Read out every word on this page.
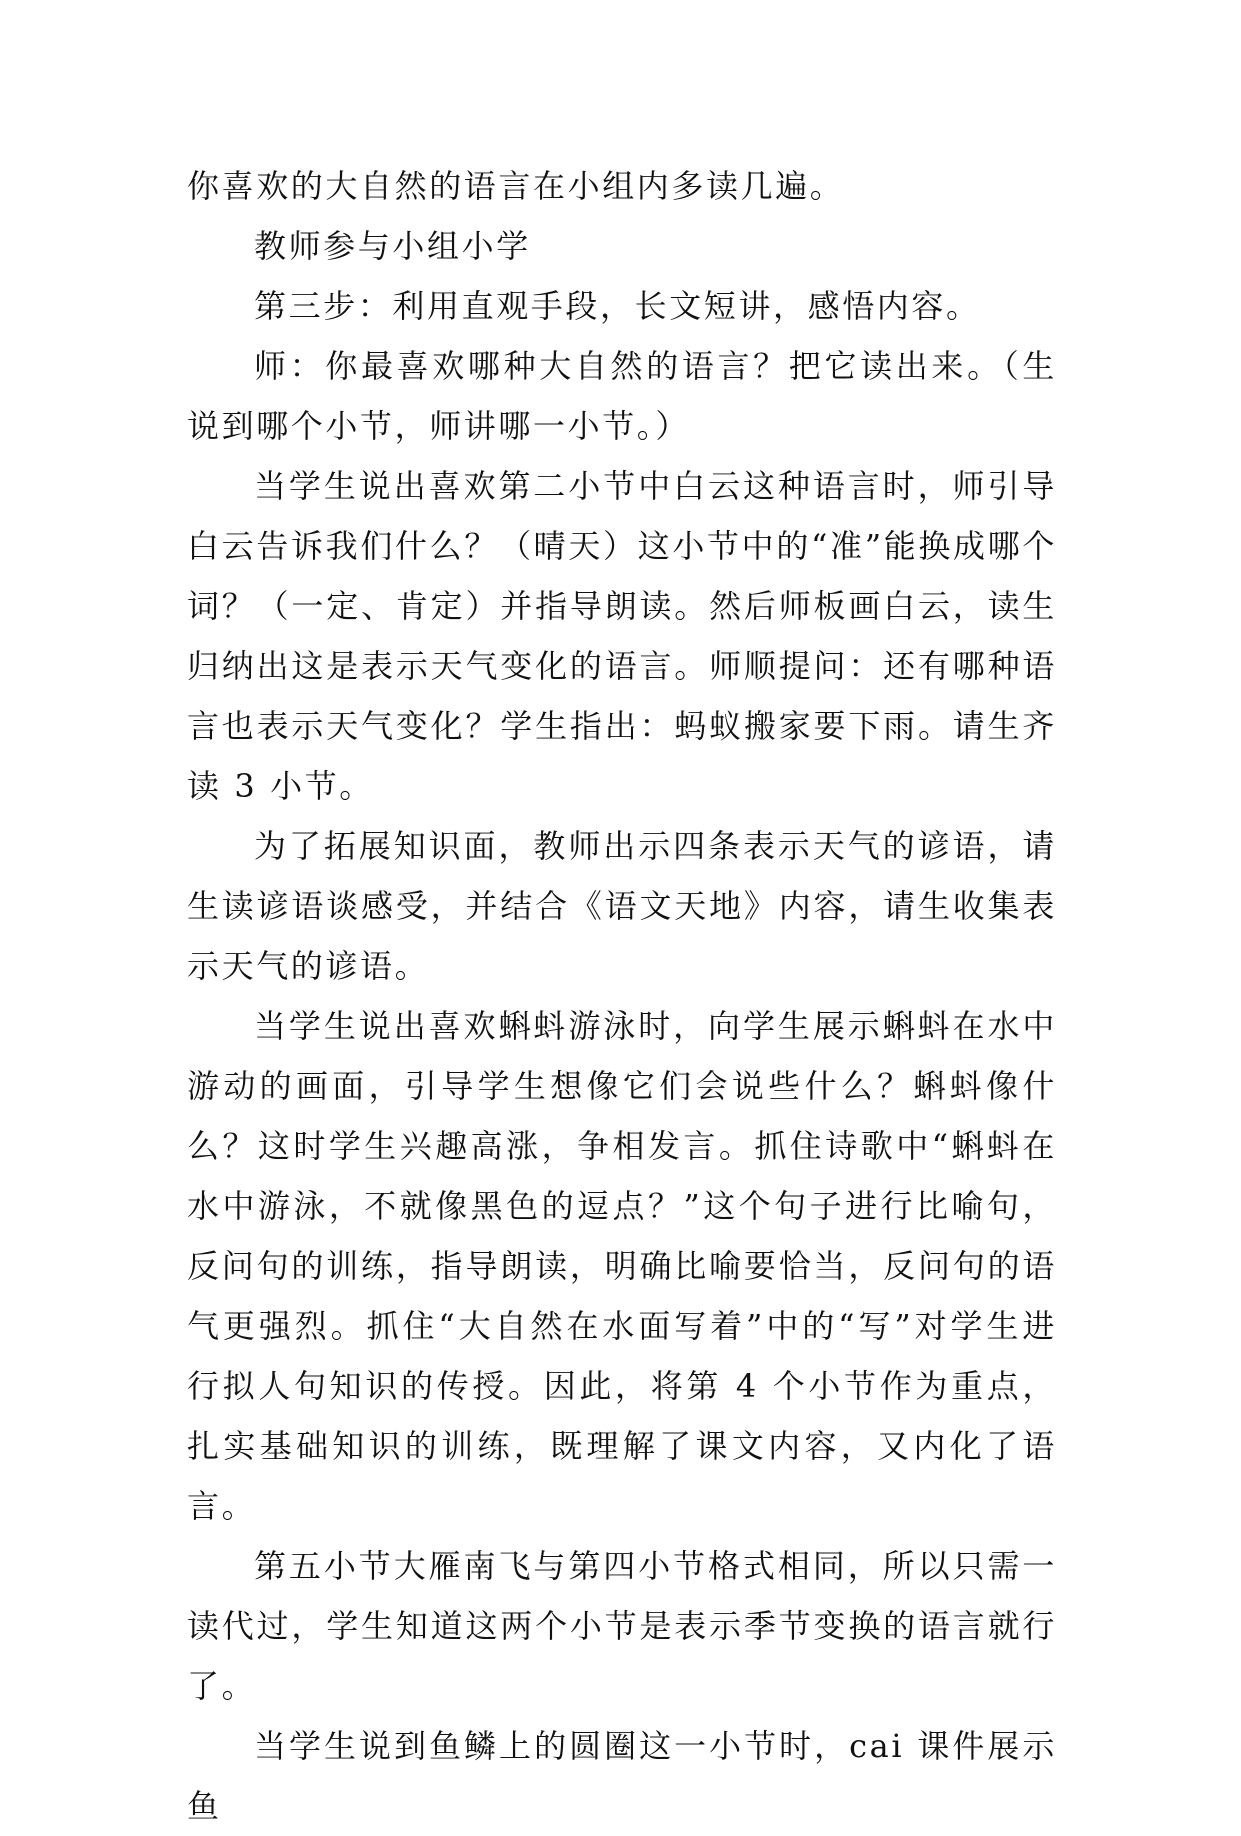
你喜欢的大自然的语言在小组内多读几遍。

教师参与小组小学

第三步：利用直观手段，长文短讲，感悟内容。

师：你最喜欢哪种大自然的语言？把它读出来。（生说到哪个小节，师讲哪一小节。）

当学生说出喜欢第二小节中白云这种语言时，师引导白云告诉我们什么？（晴天）这小节中的“准”能换成哪个词？（一定、肯定）并指导朗读。然后师板画白云，读生归纳出这是表示天气变化的语言。师顺提问：还有哪种语言也表示天气变化？学生指出：蚂蚁搬家要下雨。请生齐读 3 小节。

为了拓展知识面，教师出示四条表示天气的谚语，请生读谚语谈感受，并结合《语文天地》内容，请生收集表示天气的谚语。

当学生说出喜欢蝌蚪游泳时，向学生展示蝌蚪在水中游动的画面，引导学生想像它们会说些什么？蝌蚪像什么？这时学生兴趣高涨，争相发言。抓住诗歌中“蝌蚪在水中游泳，不就像黑色的逗点？”这个句子进行比喻句，反问句的训练，指导朗读，明确比喻要恰当，反问句的语气更强烈。抓住“大自然在水面写着”中的“写”对学生进行拟人句知识的传授。因此，将第 4 个小节作为重点，扎实基础知识的训练，既理解了课文内容，又内化了语言。

第五小节大雁南飞与第四小节格式相同，所以只需一读代过，学生知道这两个小节是表示季节变换的语言就行了。

当学生说到鱼鳞上的圆圈这一小节时，cai 课件展示鱼
